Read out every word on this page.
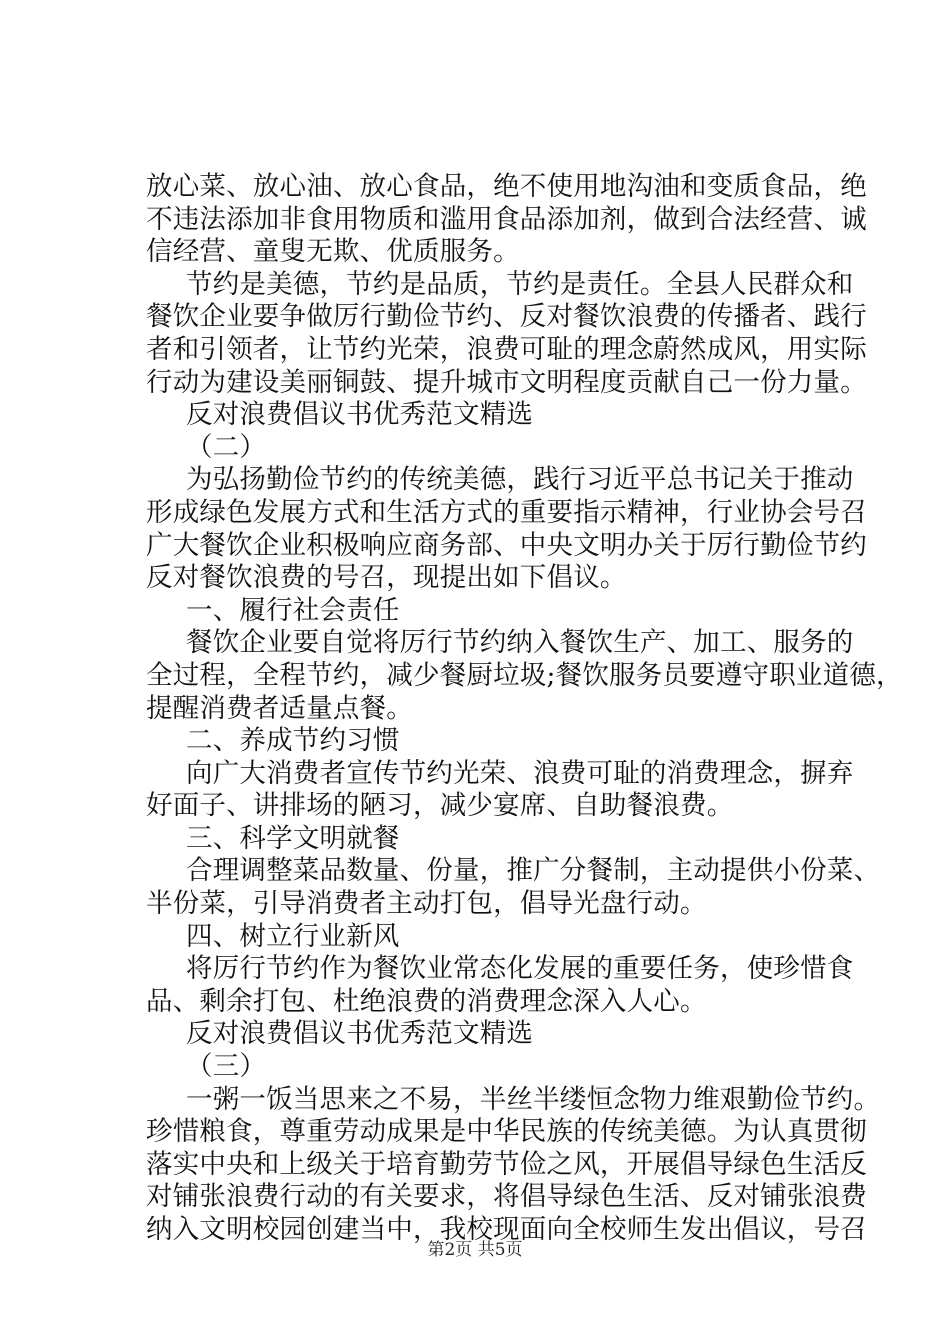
放心菜、放心油、放心食品，绝不使用地沟油和变质食品，绝
不违法添加非食用物质和滥用食品添加剂，做到合法经营、诚
信经营、童叟无欺、优质服务。
节约是美德，节约是品质，节约是责任。全县人民群众和
餐饮企业要争做厉行勤俭节约、反对餐饮浪费的传播者、践行
者和引领者，让节约光荣，浪费可耻的理念蔚然成风，用实际
行动为建设美丽铜鼓、提升城市文明程度贡献自己一份力量。
反对浪费倡议书优秀范文精选
（二）
为弘扬勤俭节约的传统美德，践行习近平总书记关于推动
形成绿色发展方式和生活方式的重要指示精神，行业协会号召
广大餐饮企业积极响应商务部、中央文明办关于厉行勤俭节约
反对餐饮浪费的号召，现提出如下倡议。
一、履行社会责任
餐饮企业要自觉将厉行节约纳入餐饮生产、加工、服务的
全过程，全程节约，减少餐厨垃圾;餐饮服务员要遵守职业道德，
提醒消费者适量点餐。
二、养成节约习惯
向广大消费者宣传节约光荣、浪费可耻的消费理念，摒弃
好面子、讲排场的陋习，减少宴席、自助餐浪费。
三、科学文明就餐
合理调整菜品数量、份量，推广分餐制，主动提供小份菜、
半份菜，引导消费者主动打包，倡导光盘行动。
四、树立行业新风
将厉行节约作为餐饮业常态化发展的重要任务，使珍惜食
品、剩余打包、杜绝浪费的消费理念深入人心。
反对浪费倡议书优秀范文精选
（三）
一粥一饭当思来之不易，半丝半缕恒念物力维艰勤俭节约。
珍惜粮食，尊重劳动成果是中华民族的传统美德。为认真贯彻
落实中央和上级关于培育勤劳节俭之风，开展倡导绿色生活反
对铺张浪费行动的有关要求，将倡导绿色生活、反对铺张浪费
纳入文明校园创建当中，我校现面向全校师生发出倡议，号召
第2页 共5页
